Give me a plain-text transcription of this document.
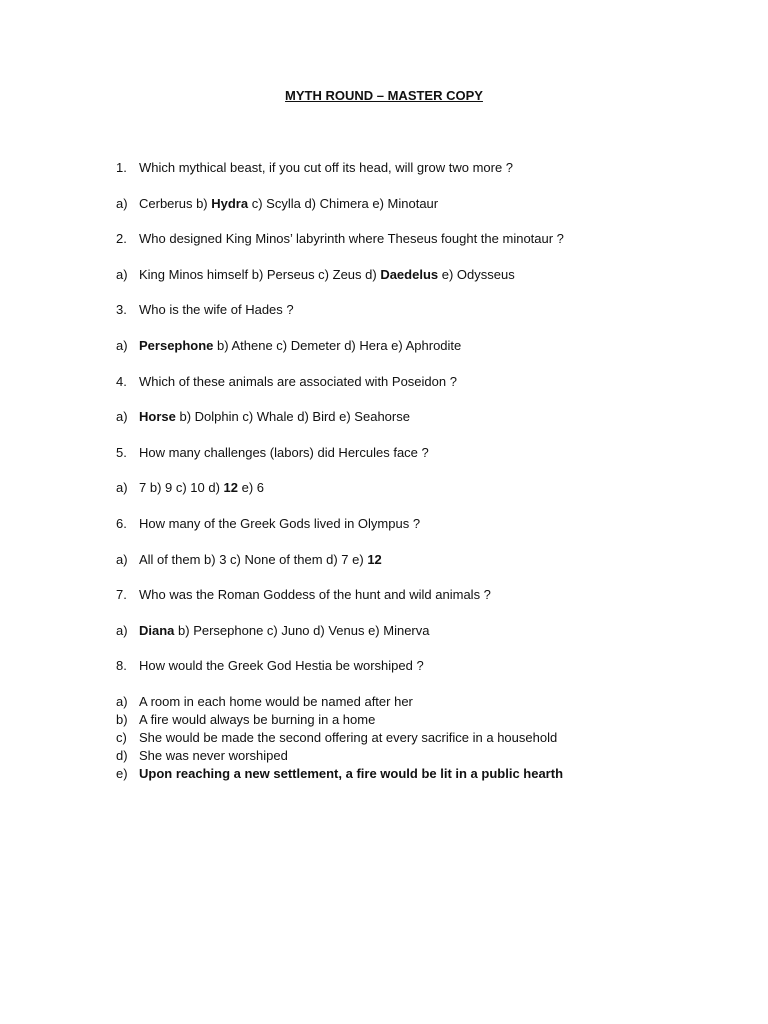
MYTH ROUND – MASTER COPY
1. Which mythical beast, if you cut off its head, will grow two more ?
a) Cerberus b) Hydra c) Scylla d) Chimera e) Minotaur
2. Who designed King Minos’ labyrinth where Theseus fought the minotaur ?
a) King Minos himself b) Perseus c) Zeus d) Daedelus e) Odysseus
3. Who is the wife of Hades ?
a) Persephone b) Athene c) Demeter d) Hera e) Aphrodite
4. Which of these animals are associated with Poseidon ?
a) Horse b) Dolphin c) Whale d) Bird e) Seahorse
5. How many challenges (labors) did Hercules face ?
a) 7 b) 9 c) 10 d) 12 e) 6
6. How many of the Greek Gods lived in Olympus ?
a) All of them b) 3 c) None of them d) 7 e) 12
7. Who was the Roman Goddess of the hunt and wild animals ?
a) Diana b) Persephone c) Juno d) Venus e) Minerva
8. How would the Greek God Hestia be worshiped ?
a) A room in each home would be named after her
b) A fire would always be burning in a home
c) She would be made the second offering at every sacrifice in a household
d) She was never worshiped
e) Upon reaching a new settlement, a fire would be lit in a public hearth
